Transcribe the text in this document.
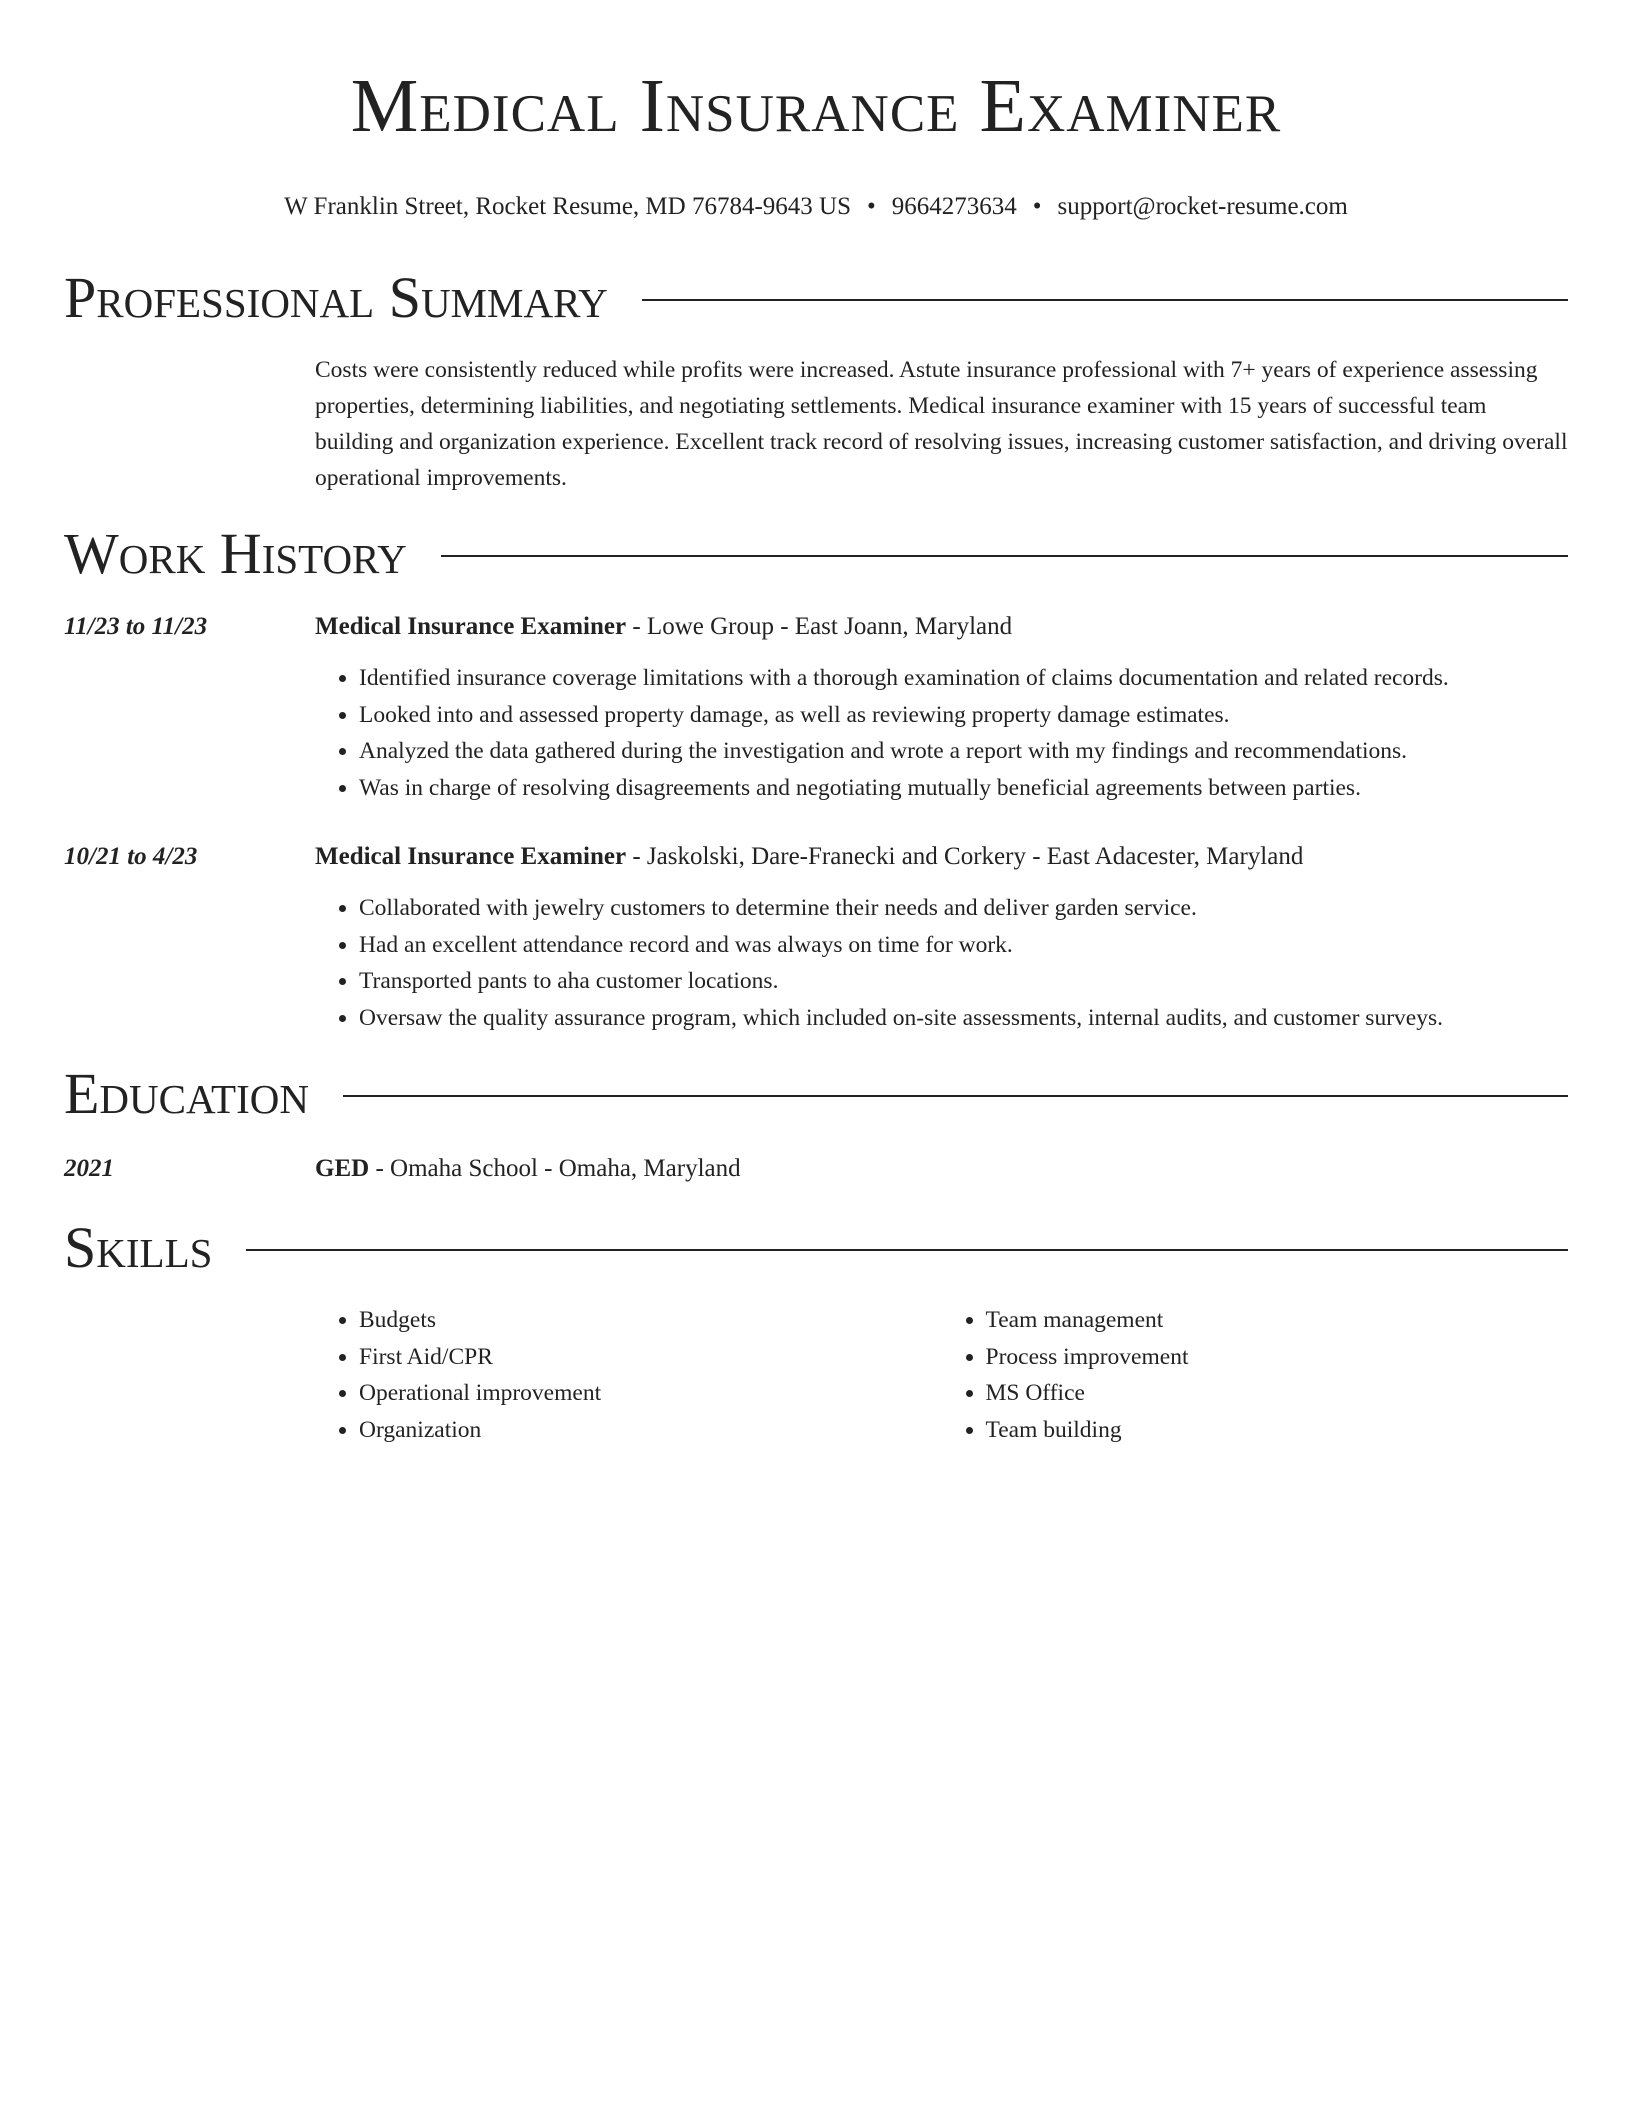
Medical Insurance Examiner
W Franklin Street, Rocket Resume, MD 76784-9643 US • 9664273634 • support@rocket-resume.com
Professional Summary

Costs were consistently reduced while profits were increased. Astute insurance professional with 7+ years of experience assessing properties, determining liabilities, and negotiating settlements. Medical insurance examiner with 15 years of successful team building and organization experience. Excellent track record of resolving issues, increasing customer satisfaction, and driving overall operational improvements.

Work History
11/23 to 11/23	Medical Insurance Examiner - Lowe Group - East Joann, Maryland
• Identified insurance coverage limitations with a thorough examination of claims documentation and related records.
• Looked into and assessed property damage, as well as reviewing property damage estimates.
• Analyzed the data gathered during the investigation and wrote a report with my findings and recommendations.
• Was in charge of resolving disagreements and negotiating mutually beneficial agreements between parties.
10/21 to 4/23	Medical Insurance Examiner - Jaskolski, Dare-Franecki and Corkery - East Adacester, Maryland
• Collaborated with jewelry customers to determine their needs and deliver garden service.
• Had an excellent attendance record and was always on time for work.
• Transported pants to aha customer locations.
• Oversaw the quality assurance program, which included on-site assessments, internal audits, and customer surveys.
Education
2021	GED - Omaha School - Omaha, Maryland
Skills
• Budgets
• First Aid/CPR
• Operational improvement
• Organization
• Team management
• Process improvement
• MS Office
• Team building
